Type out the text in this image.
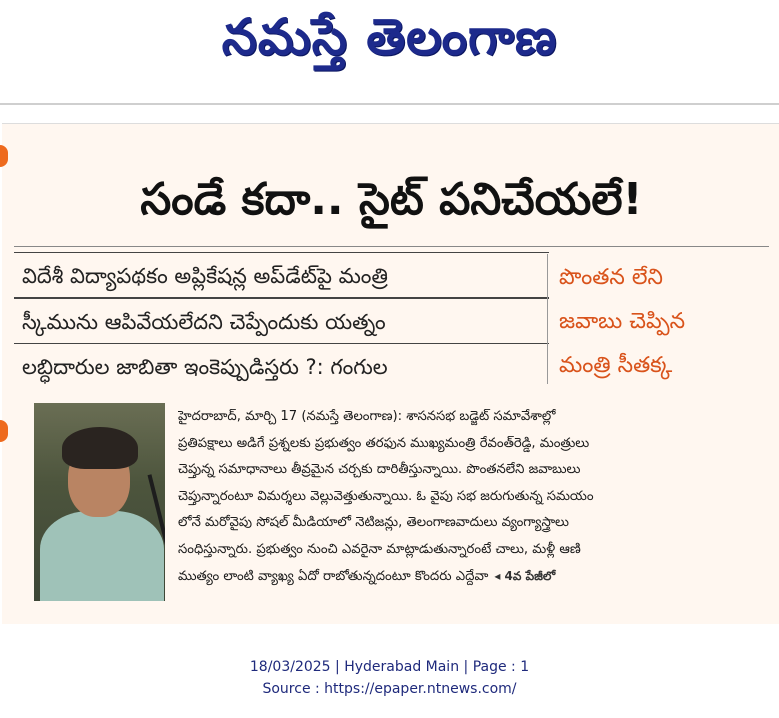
నమస్తే తెలంగాణ
సండే కదా.. సైట్ పనిచేయలే!
విదేశీ విద్యాపథకం అప్లికేషన్ల అప్‌డేట్‌పై మంత్రి
స్కీమును ఆపివేయలేదని చెప్పేందుకు యత్నం
లబ్ధిదారుల జాబితా ఇంకెప్పుడిస్తరు ?: గంగుల
పొంతన లేని
జవాబు చెప్పిన
మంత్రి సీతక్క
హైదరాబాద్, మార్చి 17 (నమస్తే తెలంగాణ): శాసనసభ బడ్జెట్ సమావేశాల్లో
ప్రతిపక్షాలు అడిగే ప్రశ్నలకు ప్రభుత్వం తరఫున ముఖ్యమంత్రి రేవంత్‌రెడ్డి, మంత్రులు
చెప్తున్న సమాధానాలు తీవ్రమైన చర్చకు దారితీస్తున్నాయి. పొంతనలేని జవాబులు
చెప్తున్నారంటూ విమర్శలు వెల్లువెత్తుతున్నాయి. ఓ వైపు సభ జరుగుతున్న సమయం
లోనే మరోవైపు సోషల్ మీడియాలో నెటిజన్లు, తెలంగాణవాదులు వ్యంగ్యాస్త్రాలు
సంధిస్తున్నారు. ప్రభుత్వం నుంచి ఎవరైనా మాట్లాడుతున్నారంటే చాలు, మళ్లీ ఆణి
ముత్యం లాంటి వ్యాఖ్య ఏదో రాబోతున్నదంటూ కొందరు ఎద్దేవా ◂ 4వ పేజీలో
18/03/2025 | Hyderabad Main | Page : 1
Source : https://epaper.ntnews.com/
